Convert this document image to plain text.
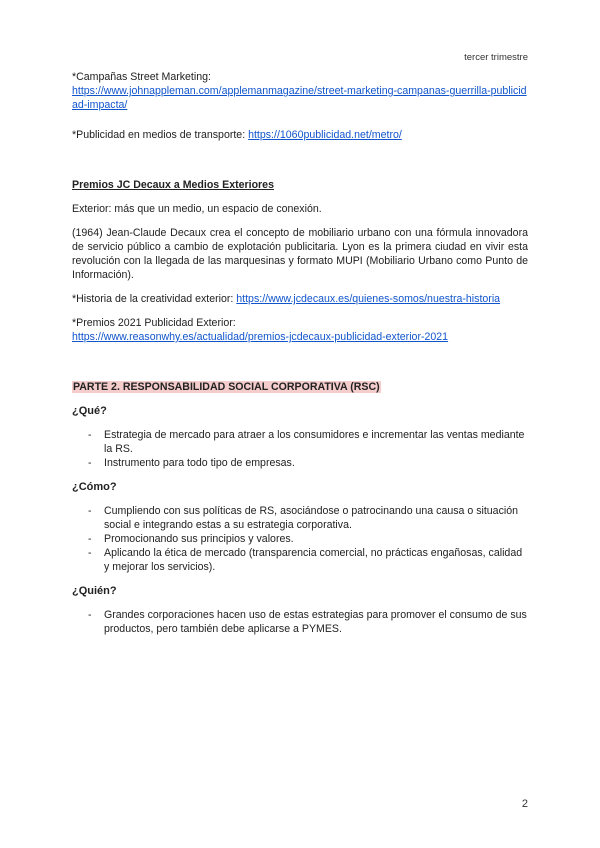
tercer trimestre

*Campañas Street Marketing:

https://www.johnappleman.com/applemanmagazine/street-marketing-campanas-guerrilla-publicidad-impacta/

*Publicidad en medios de transporte: https://1060publicidad.net/metro/

Premios JC Decaux a Medios Exteriores

Exterior: más que un medio, un espacio de conexión.

(1964) Jean-Claude Decaux crea el concepto de mobiliario urbano con una fórmula innovadora de servicio público a cambio de explotación publicitaria. Lyon es la primera ciudad en vivir esta revolución con la llegada de las marquesinas y formato MUPI (Mobiliario Urbano como Punto de Información).

*Historia de la creatividad exterior: https://www.jcdecaux.es/quienes-somos/nuestra-historia

*Premios 2021 Publicidad Exterior:

https://www.reasonwhy.es/actualidad/premios-jcdecaux-publicidad-exterior-2021

PARTE 2. RESPONSABILIDAD SOCIAL CORPORATIVA (RSC)

¿Qué?

- Estrategia de mercado para atraer a los consumidores e incrementar las ventas mediante la RS.
- Instrumento para todo tipo de empresas.

¿Cómo?

- Cumpliendo con sus políticas de RS, asociándose o patrocinando una causa o situación social e integrando estas a su estrategia corporativa.
- Promocionando sus principios y valores.
- Aplicando la ética de mercado (transparencia comercial, no prácticas engañosas, calidad y mejorar los servicios).

¿Quién?

- Grandes corporaciones hacen uso de estas estrategias para promover el consumo de sus productos, pero también debe aplicarse a PYMES.
2
